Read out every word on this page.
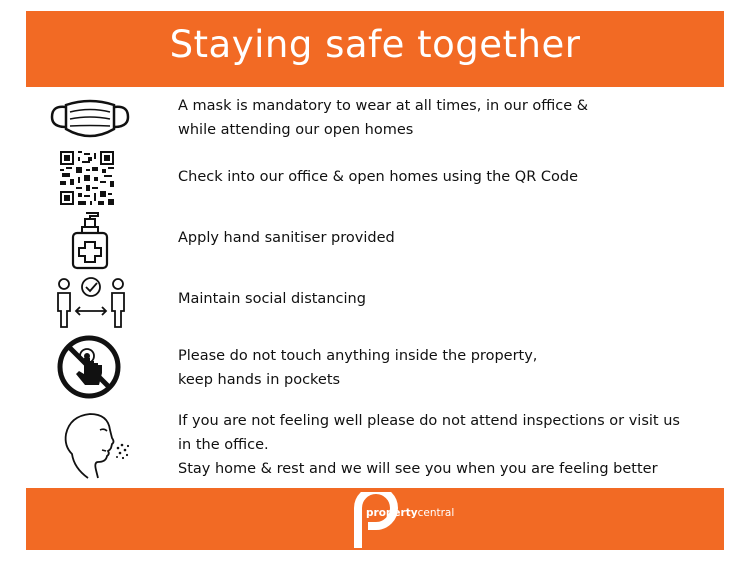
Staying safe together
A mask is mandatory to wear at all times, in our office &
while attending our open homes
Check into our office & open homes using the QR Code
Apply hand sanitiser provided
Maintain social distancing
Please do not touch anything inside the property,
keep hands in pockets
If you are not feeling well please do not attend inspections or visit us
in the office.
Stay home & rest and we will see you when you are feeling better
propertycentral
